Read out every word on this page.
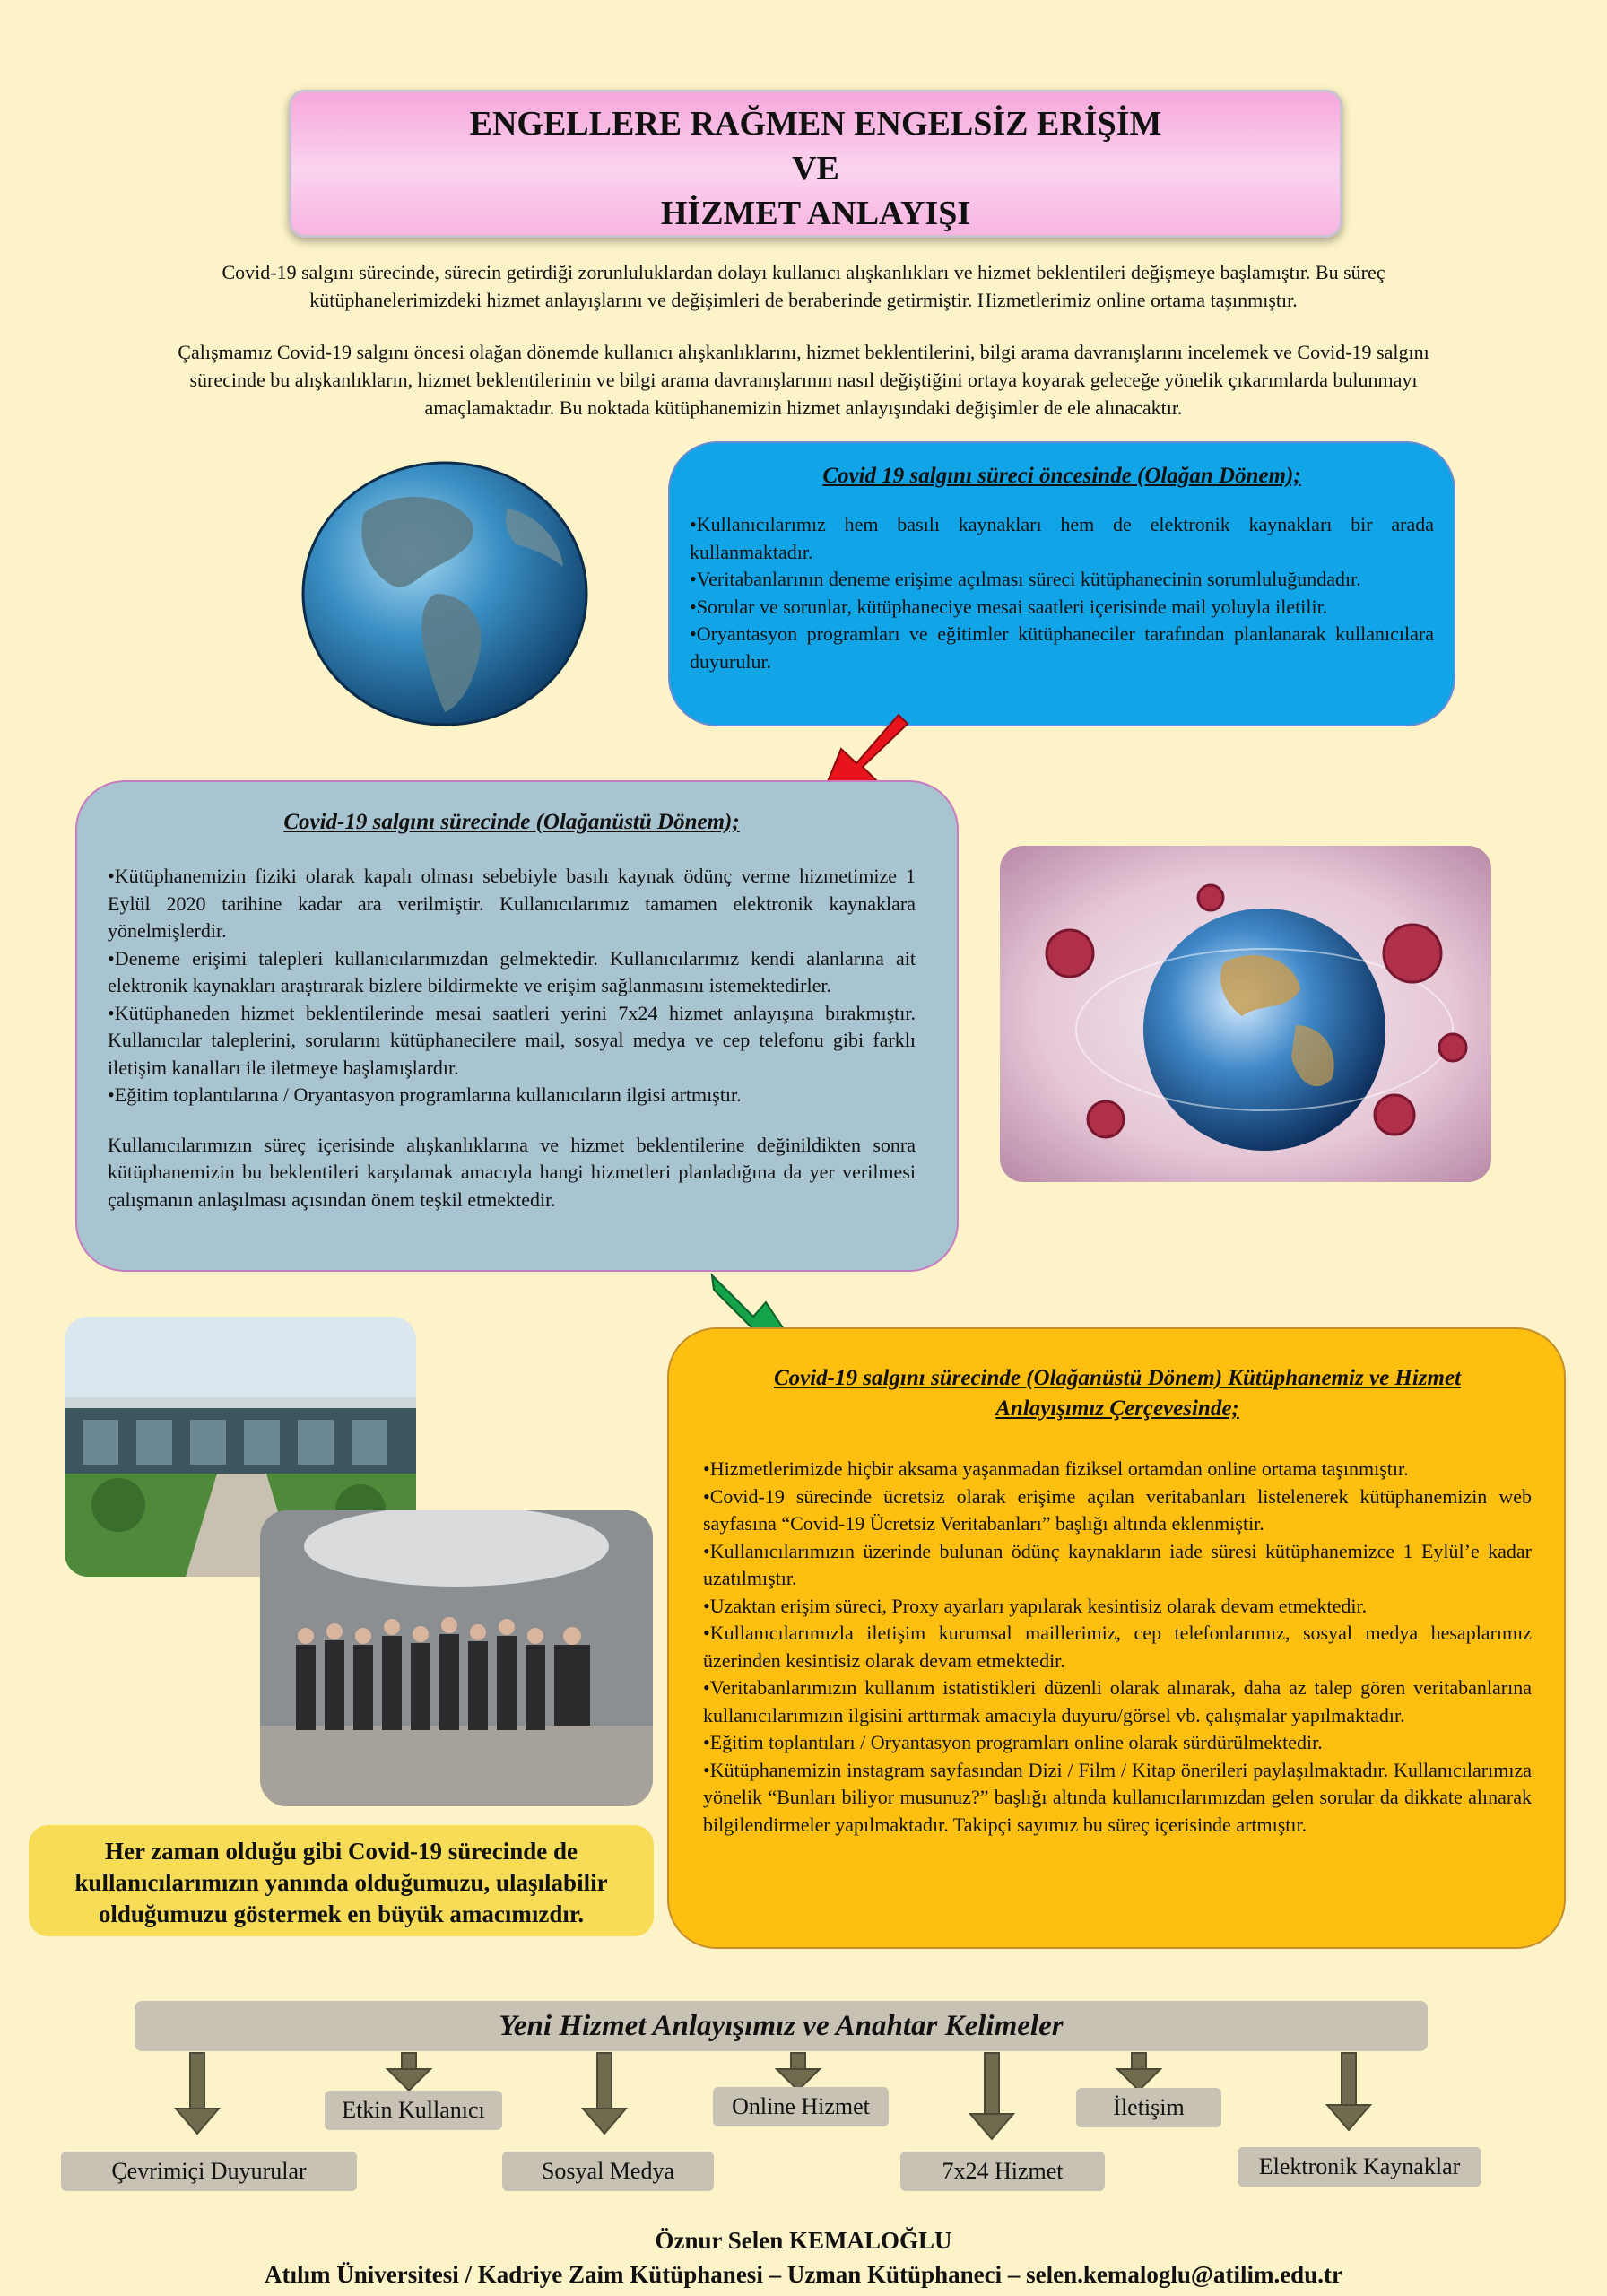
ENGELLERE RAĞMEN ENGELSİZ ERİŞİM
VE
HİZMET ANLAYIŞI
Covid-19 salgını sürecinde, sürecin getirdiği zorunluluklardan dolayı kullanıcı alışkanlıkları ve hizmet beklentileri değişmeye başlamıştır. Bu süreç
kütüphanelerimizdeki hizmet anlayışlarını ve değişimleri de beraberinde getirmiştir. Hizmetlerimiz online ortama taşınmıştır.
Çalışmamız Covid-19 salgını öncesi olağan dönemde kullanıcı alışkanlıklarını, hizmet beklentilerini, bilgi arama davranışlarını incelemek ve Covid-19 salgını
sürecinde bu alışkanlıkların, hizmet beklentilerinin ve bilgi arama davranışlarının nasıl değiştiğini ortaya koyarak geleceğe yönelik çıkarımlarda bulunmayı
amaçlamaktadır. Bu noktada kütüphanemizin hizmet anlayışındaki değişimler de ele alınacaktır.
Covid 19 salgını süreci öncesinde (Olağan Dönem);

•Kullanıcılarımız hem basılı kaynakları hem de elektronik kaynakları bir arada kullanmaktadır.

•Veritabanlarının deneme erişime açılması süreci kütüphanecinin sorumluluğundadır.

•Sorular ve sorunlar, kütüphaneciye mesai saatleri içerisinde mail yoluyla iletilir.

•Oryantasyon programları ve eğitimler kütüphaneciler tarafından planlanarak kullanıcılara duyurulur.

Covid-19 salgını sürecinde (Olağanüstü Dönem);

•Kütüphanemizin fiziki olarak kapalı olması sebebiyle basılı kaynak ödünç verme hizmetimize 1 Eylül 2020 tarihine kadar ara verilmiştir. Kullanıcılarımız tamamen elektronik kaynaklara yönelmişlerdir.

•Deneme erişimi talepleri kullanıcılarımızdan gelmektedir. Kullanıcılarımız kendi alanlarına ait elektronik kaynakları araştırarak bizlere bildirmekte ve erişim sağlanmasını istemektedirler.

•Kütüphaneden hizmet beklentilerinde mesai saatleri yerini 7x24 hizmet anlayışına bırakmıştır. Kullanıcılar taleplerini, sorularını kütüphanecilere mail, sosyal medya ve cep telefonu gibi farklı iletişim kanalları ile iletmeye başlamışlardır.

•Eğitim toplantılarına / Oryantasyon programlarına kullanıcıların ilgisi artmıştır.

Kullanıcılarımızın süreç içerisinde alışkanlıklarına ve hizmet beklentilerine değinildikten sonra kütüphanemizin bu beklentileri karşılamak amacıyla hangi hizmetleri planladığına da yer verilmesi çalışmanın anlaşılması açısından önem teşkil etmektedir.

Covid-19 salgını sürecinde (Olağanüstü Dönem) Kütüphanemiz ve Hizmet
Anlayışımız Çerçevesinde;

•Hizmetlerimizde hiçbir aksama yaşanmadan fiziksel ortamdan online ortama taşınmıştır.

•Covid-19 sürecinde ücretsiz olarak erişime açılan veritabanları listelenerek kütüphanemizin web sayfasına “Covid-19 Ücretsiz Veritabanları” başlığı altında eklenmiştir.

•Kullanıcılarımızın üzerinde bulunan ödünç kaynakların iade süresi kütüphanemizce 1 Eylül’e kadar uzatılmıştır.

•Uzaktan erişim süreci, Proxy ayarları yapılarak kesintisiz olarak devam etmektedir.

•Kullanıcılarımızla iletişim kurumsal maillerimiz, cep telefonlarımız, sosyal medya hesaplarımız üzerinden kesintisiz olarak devam etmektedir.

•Veritabanlarımızın kullanım istatistikleri düzenli olarak alınarak, daha az talep gören veritabanlarına kullanıcılarımızın ilgisini arttırmak amacıyla duyuru/görsel vb. çalışmalar yapılmaktadır.

•Eğitim toplantıları / Oryantasyon programları online olarak sürdürülmektedir.

•Kütüphanemizin instagram sayfasından Dizi / Film / Kitap önerileri paylaşılmaktadır. Kullanıcılarımıza yönelik “Bunları biliyor musunuz?” başlığı altında kullanıcılarımızdan gelen sorular da dikkate alınarak bilgilendirmeler yapılmaktadır. Takipçi sayımız bu süreç içerisinde artmıştır.

Her zaman olduğu gibi Covid-19 sürecinde de
kullanıcılarımızın yanında olduğumuzu, ulaşılabilir
olduğumuzu göstermek en büyük amacımızdır.
Yeni Hizmet Anlayışımız ve Anahtar Kelimeler
Çevrimiçi Duyurular
Etkin Kullanıcı
Sosyal Medya
Online Hizmet
7x24 Hizmet
İletişim
Elektronik Kaynaklar
Öznur Selen KEMALOĞLU
Atılım Üniversitesi / Kadriye Zaim Kütüphanesi – Uzman Kütüphaneci – selen.kemaloglu@atilim.edu.tr
